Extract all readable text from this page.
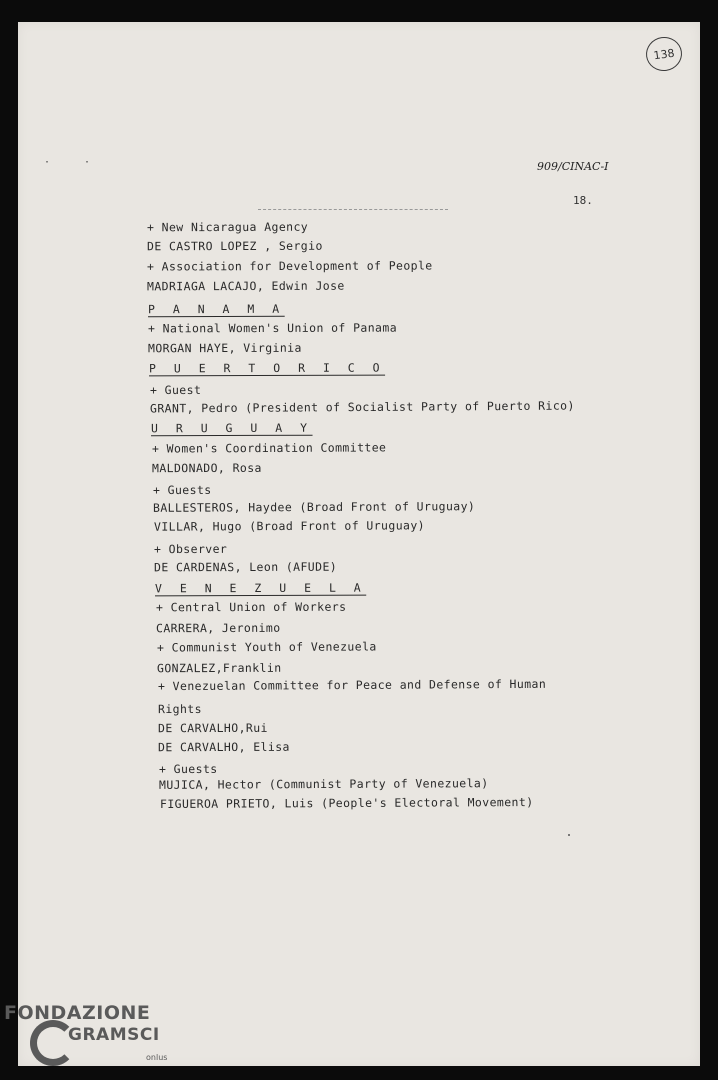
138
909/CINAC-I
18.
··
+ New Nicaragua Agency
DE CASTRO LOPEZ , Sergio
+ Association for Development of People
MADRIAGA LACAJO, Edwin Jose
P A N A M A
+ National Women's Union of Panama
MORGAN HAYE, Virginia
P U E R T O R I C O
+ Guest
GRANT, Pedro (President of Socialist Party of Puerto Rico)
U R U G U A Y
+ Women's Coordination Committee
MALDONADO, Rosa
+ Guests
BALLESTEROS, Haydee (Broad Front of Uruguay)
VILLAR, Hugo (Broad Front of Uruguay)
+ Observer
DE CARDENAS, Leon (AFUDE)
V E N E Z U E L A
+ Central Union of Workers
CARRERA, Jeronimo
+ Communist Youth of Venezuela
GONZALEZ,Franklin
+ Venezuelan Committee for Peace and Defense of Human
Rights
DE CARVALHO,Rui
DE CARVALHO, Elisa
+ Guests
MUJICA, Hector (Communist Party of Venezuela)
FIGUEROA PRIETO, Luis (People's Electoral Movement)
FONDAZIONE
GRAMSCI
onlus
